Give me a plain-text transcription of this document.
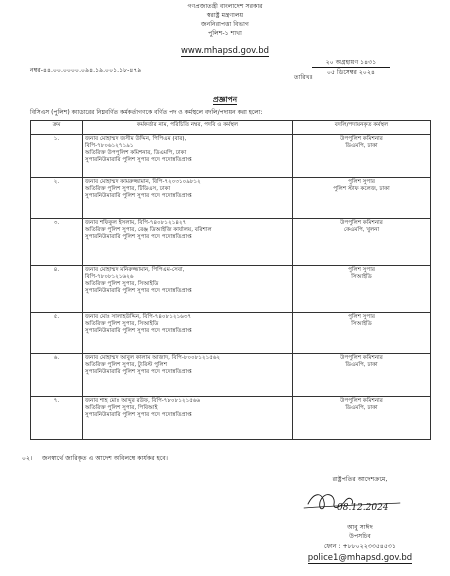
গণপ্রজাতন্ত্রী বাংলাদেশ সরকার
স্বরাষ্ট্র মন্ত্রণালয়
জননিরাপত্তা বিভাগ
পুলিশ-১ শাখা
www.mhapsd.gov.bd
নম্বর-৪৪.০০.০০০০.০৯৪.১৯.০০১.১৮-৪৭৯
২০ অগ্রহায়ণ ১৪৩১
০৫ ডিসেম্বর ২০২৪
তারিখঃ
প্রজ্ঞাপন
বিসিএস (পুলিশ) ক্যাডারের নিম্নবর্ণিত কর্মকর্তাগণকে বর্ণিত পদ ও কর্মস্থলে বদলি/পদায়ন করা হলো:
ক্রম	কর্মকর্তার নাম, পরিচিতি নম্বর, পদবি ও কর্মস্থল	বদলি/পদায়নকৃত কর্মস্থল
১.	জনাব মোহাম্মদ জসীম উদ্দিন, পিপিএম (বার),
বিপি-৭৮০৬১২৭১৯১
অতিরিক্ত উপপুলিশ কমিশনার, ডিএমপি, ঢাকা
সুপারনিউমারারি পুলিশ সুপার পদে পদোন্নতিপ্রাপ্ত	উপপুলিশ কমিশনার
ডিএমপি, ঢাকা

২.	জনাব মোহাম্মদ কামরুজ্জামান, বিপি-৭২০৩১০৯৮১২
অতিরিক্ত পুলিশ সুপার, টিডিএস, ঢাকা
সুপারনিউমারারি পুলিশ সুপার পদে পদোন্নতিপ্রাপ্ত	পুলিশ সুপার
পুলিশ স্টাফ কলেজ, ঢাকা

৩.	জনাব শফিকুল ইসলাম, বিপি-৭৪০৮১২১৪২৭
অতিরিক্ত পুলিশ সুপার, রেঞ্জ ডিআইজি কার্যালয়, বরিশাল
সুপারনিউমারারি পুলিশ সুপার পদে পদোন্নতিপ্রাপ্ত	উপপুলিশ কমিশনার
কেএমপি, খুলনা

৪.	জনাব মোহাম্মদ মনিরুজ্জামান, পিপিএম-সেবা,
বিপি-৭৮০৮১২১৬২৬
অতিরিক্ত পুলিশ সুপার, সিআইডি
সুপারনিউমারারি পুলিশ সুপার পদে পদোন্নতিপ্রাপ্ত	পুলিশ সুপার
সিআইডি

৫.	জনাব মোঃ সালাহউদ্দিন, বিপি-৭৪০৮১২১৬৩৭
অতিরিক্ত পুলিশ সুপার, সিআইডি
সুপারনিউমারারি পুলিশ সুপার পদে পদোন্নতিপ্রাপ্ত	পুলিশ সুপার
সিআইডি

৬.	জনাব মোহাম্মদ আবুল কালাম আজাদ, বিপি-৮০০৮১২১৫৬২
অতিরিক্ত পুলিশ সুপার, ট্যুরিস্ট পুলিশ
সুপারনিউমারারি পুলিশ সুপার পদে পদোন্নতিপ্রাপ্ত	উপপুলিশ কমিশনার
ডিএমপি, ঢাকা

৭.	জনাব শাহ মোঃ আব্দুর রউফ, বিপি-৭৮০৮১২১৫৬৬
অতিরিক্ত পুলিশ সুপার, পিবিআই
সুপারনিউমারারি পুলিশ সুপার পদে পদোন্নতিপ্রাপ্ত	উপপুলিশ কমিশনার
ডিএমপি, ঢাকা
০২। জনস্বার্থে জারিকৃত এ আদেশ অবিলম্বে কার্যকর হবে।
রাষ্ট্রপতির আদেশক্রমে,
08.12.2024
আবু সাঈদ
উপসচিব
ফোন : +৮৮০২২৩৩৫৪৫৩১
police1@mhapsd.gov.bd
